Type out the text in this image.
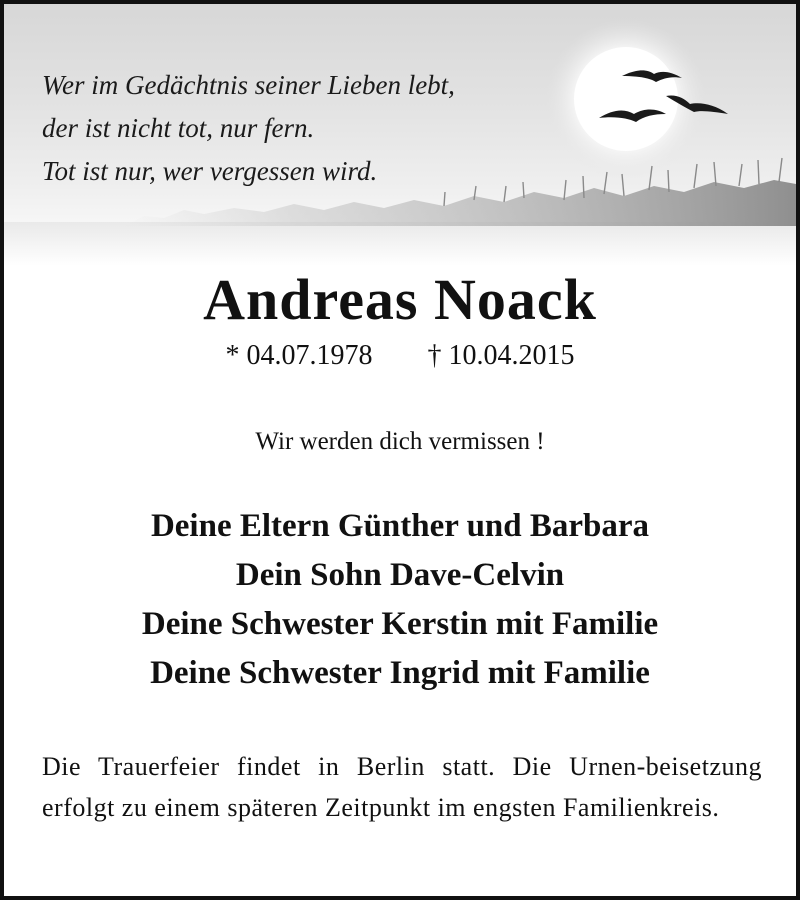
Wer im Gedächtnis seiner Lieben lebt,
der ist nicht tot, nur fern.
Tot ist nur, wer vergessen wird.
Andreas Noack
* 04.07.1978 † 10.04.2015
Wir werden dich vermissen !
Deine Eltern Günther und Barbara
Dein Sohn Dave-Celvin
Deine Schwester Kerstin mit Familie
Deine Schwester Ingrid mit Familie
Die Trauerfeier findet in Berlin statt. Die Urnen-beisetzung erfolgt zu einem späteren Zeitpunkt im engsten Familienkreis.
